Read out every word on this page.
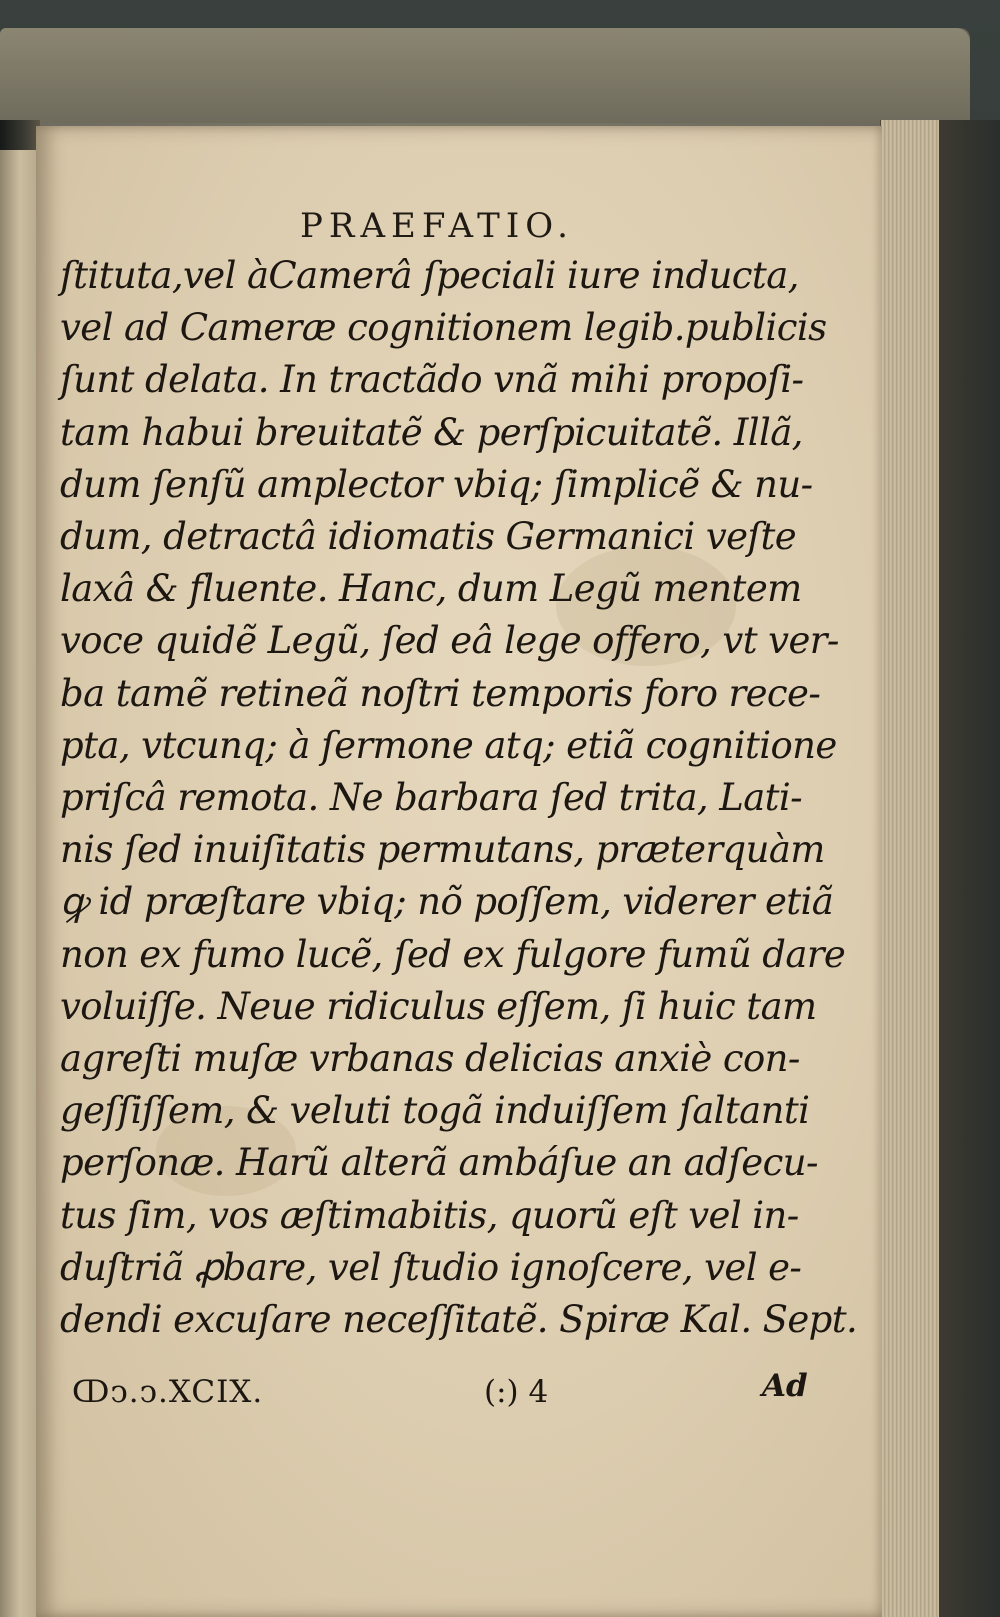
PRAEFATIO.
ſtituta,vel àCamerâ ſpeciali iure inducta,
vel ad Cameræ cognitionem legib.publicis
ſunt delata. In tractãdo vnã mihi propoſi-
tam habui breuitatẽ & perſpicuitatẽ. Illã,
dum ſenſũ amplector vbiq; ſimplicẽ & nu-
dum, detractâ idiomatis Germanici veſte
laxâ & fluente. Hanc, dum Legũ mentem
voce quidẽ Legũ, ſed eâ lege offero, vt ver-
ba tamẽ retineã noſtri temporis foro rece-
pta, vtcunq; à ſermone atq; etiã cognitione
priſcâ remota. Ne barbara ſed trita, Lati-
nis ſed inuiſitatis permutans, præterquàm
ꝙ id præſtare vbiq; nõ poſſem, viderer etiã
non ex fumo lucẽ, ſed ex fulgore fumũ dare
voluiſſe. Neue ridiculus eſſem, ſi huic tam
agreſti muſæ vrbanas delicias anxiè con-
geſſiſſem, & veluti togã induiſſem ſaltanti
perſonæ. Harũ alterã ambáſue an adſecu-
tus ſim, vos æſtimabitis, quorũ eſt vel in-
duſtriã ꝓbare, vel ſtudio ignoſcere, vel e-
dendi excuſare neceſſitatẽ. Spiræ Kal. Sept.
ↀↄ.ↄ.XCIX.	(:) 4	Ad
